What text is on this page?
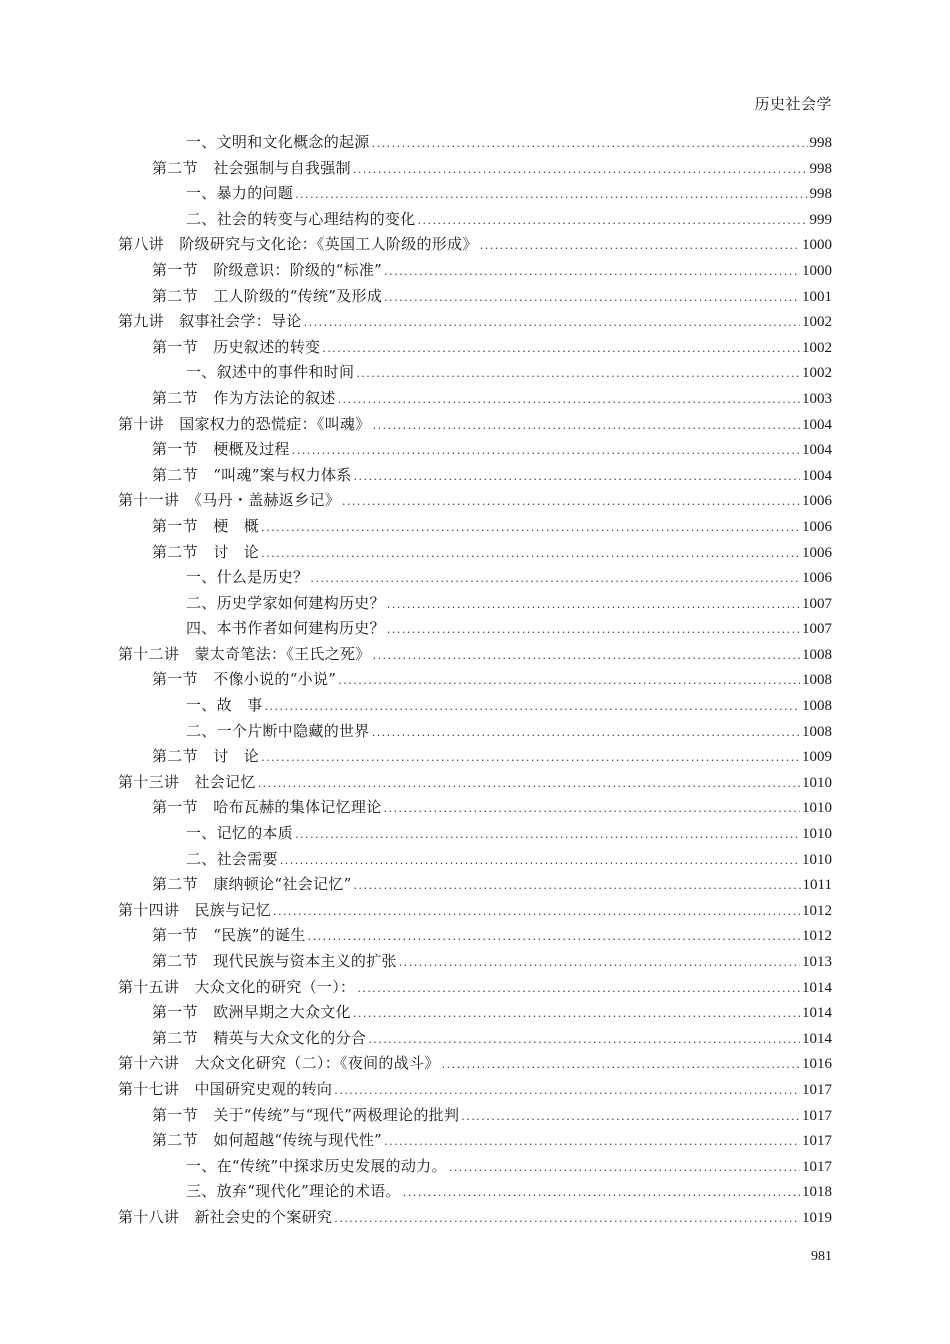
历史社会学
一、文明和文化概念的起源 .....	998
第二节　社会强制与自我强制 .....	998
一、暴力的问题 .....	998
二、社会的转变与心理结构的变化 .....	999
第八讲　阶级研究与文化论：《英国工人阶级的形成》 .....	1000
第一节　阶级意识：阶级的“标准” .....	1000
第二节　工人阶级的“传统”及形成 .....	1001
第九讲　叙事社会学：导论 .....	1002
第一节　历史叙述的转变 .....	1002
一、叙述中的事件和时间 .....	1002
第二节　作为方法论的叙述 .....	1003
第十讲　国家权力的恐慌症：《叫魂》 .....	1004
第一节　梗概及过程 .....	1004
第二节　“叫魂”案与权力体系 .....	1004
第十一讲　《马丹・盖赫返乡记》 .....	1006
第一节　梗　概 .....	1006
第二节　讨　论 .....	1006
一、什么是历史？ .....	1006
二、历史学家如何建构历史？ .....	1007
四、本书作者如何建构历史？ .....	1007
第十二讲　蒙太奇笔法：《王氏之死》 .....	1008
第一节　不像小说的“小说” .....	1008
一、故　事 .....	1008
二、一个片断中隐藏的世界 .....	1008
第二节　讨　论 .....	1009
第十三讲　社会记忆 .....	1010
第一节　哈布瓦赫的集体记忆理论 .....	1010
一、记忆的本质 .....	1010
二、社会需要 .....	1010
第二节　康纳顿论“社会记忆” .....	1011
第十四讲　民族与记忆 .....	1012
第一节　“民族”的诞生 .....	1012
第二节　现代民族与资本主义的扩张 .....	1013
第十五讲　大众文化的研究（一）： .....	1014
第一节　欧洲早期之大众文化 .....	1014
第二节　精英与大众文化的分合 .....	1014
第十六讲　大众文化研究（二）：《夜间的战斗》 .....	1016
第十七讲　中国研究史观的转向 .....	1017
第一节　关于“传统”与“现代”两极理论的批判 .....	1017
第二节　如何超越“传统与现代性” .....	1017
一、在“传统”中探求历史发展的动力。 .....	1017
三、放弃“现代化”理论的术语。 .....	1018
第十八讲　新社会史的个案研究 .....	1019
981
